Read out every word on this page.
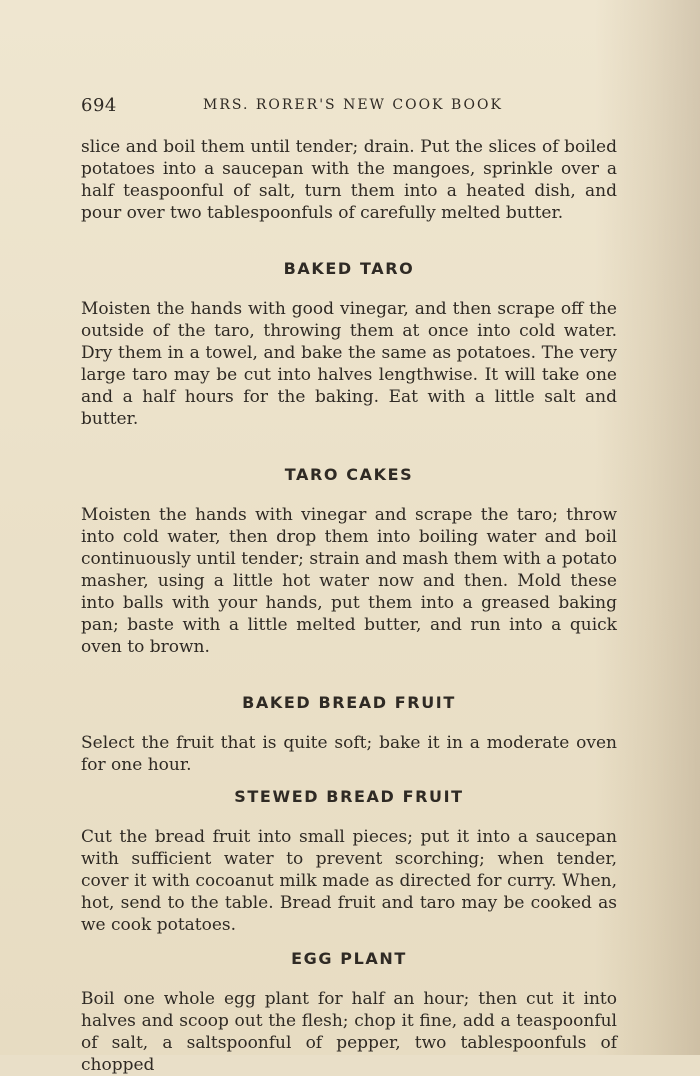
694	MRS. RORER'S NEW COOK BOOK

slice and boil them until tender; drain. Put the slices of boiled potatoes into a saucepan with the mangoes, sprinkle over a half teaspoonful of salt, turn them into a heated dish, and pour over two tablespoonfuls of carefully melted butter.

BAKED TARO

Moisten the hands with good vinegar, and then scrape off the outside of the taro, throwing them at once into cold water. Dry them in a towel, and bake the same as potatoes. The very large taro may be cut into halves lengthwise. It will take one and a half hours for the baking. Eat with a little salt and butter.

TARO CAKES

Moisten the hands with vinegar and scrape the taro; throw into cold water, then drop them into boiling water and boil continuously until tender; strain and mash them with a potato masher, using a little hot water now and then. Mold these into balls with your hands, put them into a greased baking pan; baste with a little melted butter, and run into a quick oven to brown.

BAKED BREAD FRUIT

Select the fruit that is quite soft; bake it in a moderate oven for one hour.

STEWED BREAD FRUIT

Cut the bread fruit into small pieces; put it into a saucepan with sufficient water to prevent scorching; when tender, cover it with cocoanut milk made as directed for curry. When, hot, send to the table. Bread fruit and taro may be cooked as we cook potatoes.

EGG PLANT

Boil one whole egg plant for half an hour; then cut it into halves and scoop out the flesh; chop it fine, add a teaspoonful of salt, a saltspoonful of pepper, two tablespoonfuls of chopped
